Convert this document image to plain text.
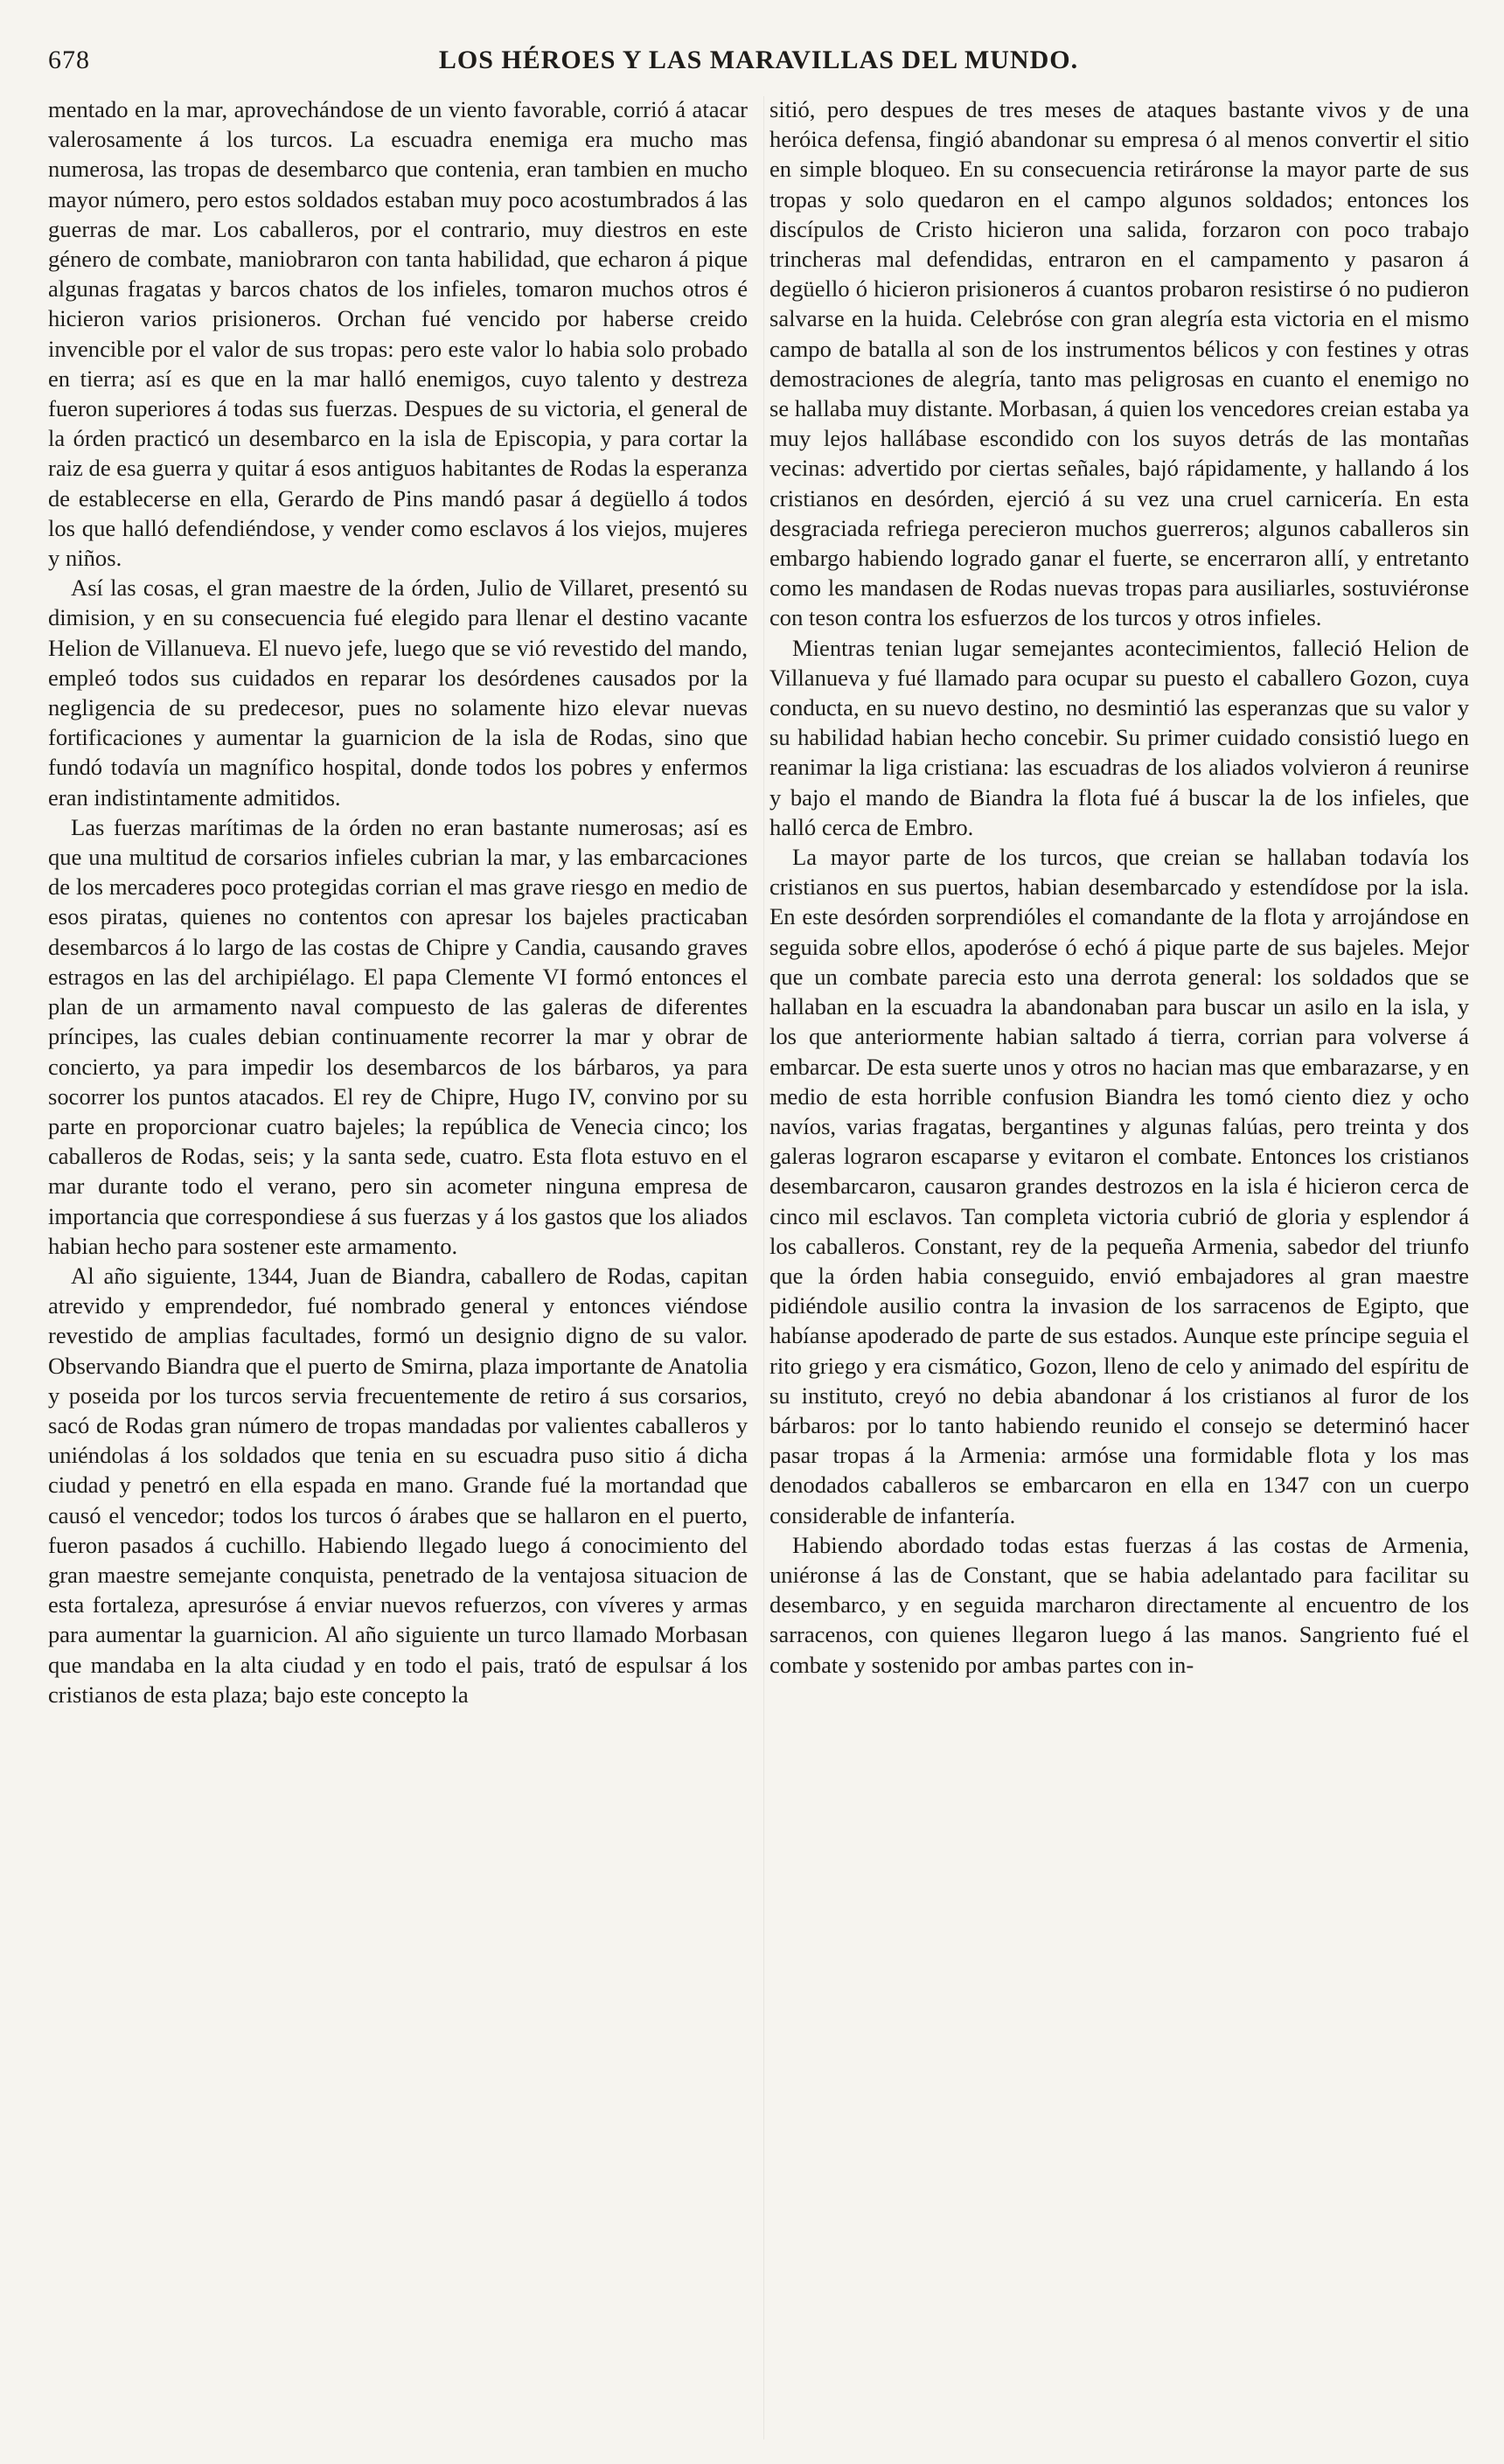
678	LOS HÉROES Y LAS MARAVILLAS DEL MUNDO.

mentado en la mar, aprovechándose de un viento favorable, corrió á atacar valerosamente á los turcos. La escuadra enemiga era mucho mas numerosa, las tropas de desembarco que contenia, eran tambien en mucho mayor número, pero estos soldados estaban muy poco acostumbrados á las guerras de mar. Los caballeros, por el contrario, muy diestros en este género de combate, maniobraron con tanta habilidad, que echaron á pique algunas fragatas y barcos chatos de los infieles, tomaron muchos otros é hicieron varios prisioneros. Orchan fué vencido por haberse creido invencible por el valor de sus tropas: pero este valor lo habia solo probado en tierra; así es que en la mar halló enemigos, cuyo talento y destreza fueron superiores á todas sus fuerzas. Despues de su victoria, el general de la órden practicó un desembarco en la isla de Episcopia, y para cortar la raiz de esa guerra y quitar á esos antiguos habitantes de Rodas la esperanza de establecerse en ella, Gerardo de Pins mandó pasar á degüello á todos los que halló defendiéndose, y vender como esclavos á los viejos, mujeres y niños.

Así las cosas, el gran maestre de la órden, Julio de Villaret, presentó su dimision, y en su consecuencia fué elegido para llenar el destino vacante Helion de Villanueva. El nuevo jefe, luego que se vió revestido del mando, empleó todos sus cuidados en reparar los desórdenes causados por la negligencia de su predecesor, pues no solamente hizo elevar nuevas fortificaciones y aumentar la guarnicion de la isla de Rodas, sino que fundó todavía un magnífico hospital, donde todos los pobres y enfermos eran indistintamente admitidos.

Las fuerzas marítimas de la órden no eran bastante numerosas; así es que una multitud de corsarios infieles cubrian la mar, y las embarcaciones de los mercaderes poco protegidas corrian el mas grave riesgo en medio de esos piratas, quienes no contentos con apresar los bajeles practicaban desembarcos á lo largo de las costas de Chipre y Candia, causando graves estragos en las del archipiélago. El papa Clemente VI formó entonces el plan de un armamento naval compuesto de las galeras de diferentes príncipes, las cuales debian continuamente recorrer la mar y obrar de concierto, ya para impedir los desembarcos de los bárbaros, ya para socorrer los puntos atacados. El rey de Chipre, Hugo IV, convino por su parte en proporcionar cuatro bajeles; la república de Venecia cinco; los caballeros de Rodas, seis; y la santa sede, cuatro. Esta flota estuvo en el mar durante todo el verano, pero sin acometer ninguna empresa de importancia que correspondiese á sus fuerzas y á los gastos que los aliados habian hecho para sostener este armamento.

Al año siguiente, 1344, Juan de Biandra, caballero de Rodas, capitan atrevido y emprendedor, fué nombrado general y entonces viéndose revestido de amplias facultades, formó un designio digno de su valor. Observando Biandra que el puerto de Smirna, plaza importante de Anatolia y poseida por los turcos servia frecuentemente de retiro á sus corsarios, sacó de Rodas gran número de tropas mandadas por valientes caballeros y uniéndolas á los soldados que tenia en su escuadra puso sitio á dicha ciudad y penetró en ella espada en mano. Grande fué la mortandad que causó el vencedor; todos los turcos ó árabes que se hallaron en el puerto, fueron pasados á cuchillo. Habiendo llegado luego á conocimiento del gran maestre semejante conquista, penetrado de la ventajosa situacion de esta fortaleza, apresuróse á enviar nuevos refuerzos, con víveres y armas para aumentar la guarnicion. Al año siguiente un turco llamado Morbasan que mandaba en la alta ciudad y en todo el pais, trató de espulsar á los cristianos de esta plaza; bajo este concepto la

sitió, pero despues de tres meses de ataques bastante vivos y de una heróica defensa, fingió abandonar su empresa ó al menos convertir el sitio en simple bloqueo. En su consecuencia retiráronse la mayor parte de sus tropas y solo quedaron en el campo algunos soldados; entonces los discípulos de Cristo hicieron una salida, forzaron con poco trabajo trincheras mal defendidas, entraron en el campamento y pasaron á degüello ó hicieron prisioneros á cuantos probaron resistirse ó no pudieron salvarse en la huida. Celebróse con gran alegría esta victoria en el mismo campo de batalla al son de los instrumentos bélicos y con festines y otras demostraciones de alegría, tanto mas peligrosas en cuanto el enemigo no se hallaba muy distante. Morbasan, á quien los vencedores creian estaba ya muy lejos hallábase escondido con los suyos detrás de las montañas vecinas: advertido por ciertas señales, bajó rápidamente, y hallando á los cristianos en desórden, ejerció á su vez una cruel carnicería. En esta desgraciada refriega perecieron muchos guerreros; algunos caballeros sin embargo habiendo logrado ganar el fuerte, se encerraron allí, y entretanto como les mandasen de Rodas nuevas tropas para ausiliarles, sostuviéronse con teson contra los esfuerzos de los turcos y otros infieles.

Mientras tenian lugar semejantes acontecimientos, falleció Helion de Villanueva y fué llamado para ocupar su puesto el caballero Gozon, cuya conducta, en su nuevo destino, no desmintió las esperanzas que su valor y su habilidad habian hecho concebir. Su primer cuidado consistió luego en reanimar la liga cristiana: las escuadras de los aliados volvieron á reunirse y bajo el mando de Biandra la flota fué á buscar la de los infieles, que halló cerca de Embro.

La mayor parte de los turcos, que creian se hallaban todavía los cristianos en sus puertos, habian desembarcado y estendídose por la isla. En este desórden sorprendióles el comandante de la flota y arrojándose en seguida sobre ellos, apoderóse ó echó á pique parte de sus bajeles. Mejor que un combate parecia esto una derrota general: los soldados que se hallaban en la escuadra la abandonaban para buscar un asilo en la isla, y los que anteriormente habian saltado á tierra, corrian para volverse á embarcar. De esta suerte unos y otros no hacian mas que embarazarse, y en medio de esta horrible confusion Biandra les tomó ciento diez y ocho navíos, varias fragatas, bergantines y algunas falúas, pero treinta y dos galeras lograron escaparse y evitaron el combate. Entonces los cristianos desembarcaron, causaron grandes destrozos en la isla é hicieron cerca de cinco mil esclavos. Tan completa victoria cubrió de gloria y esplendor á los caballeros. Constant, rey de la pequeña Armenia, sabedor del triunfo que la órden habia conseguido, envió embajadores al gran maestre pidiéndole ausilio contra la invasion de los sarracenos de Egipto, que habíanse apoderado de parte de sus estados. Aunque este príncipe seguia el rito griego y era cismático, Gozon, lleno de celo y animado del espíritu de su instituto, creyó no debia abandonar á los cristianos al furor de los bárbaros: por lo tanto habiendo reunido el consejo se determinó hacer pasar tropas á la Armenia: armóse una formidable flota y los mas denodados caballeros se embarcaron en ella en 1347 con un cuerpo considerable de infantería.

Habiendo abordado todas estas fuerzas á las costas de Armenia, uniéronse á las de Constant, que se habia adelantado para facilitar su desembarco, y en seguida marcharon directamente al encuentro de los sarracenos, con quienes llegaron luego á las manos. Sangriento fué el combate y sostenido por ambas partes con in-
